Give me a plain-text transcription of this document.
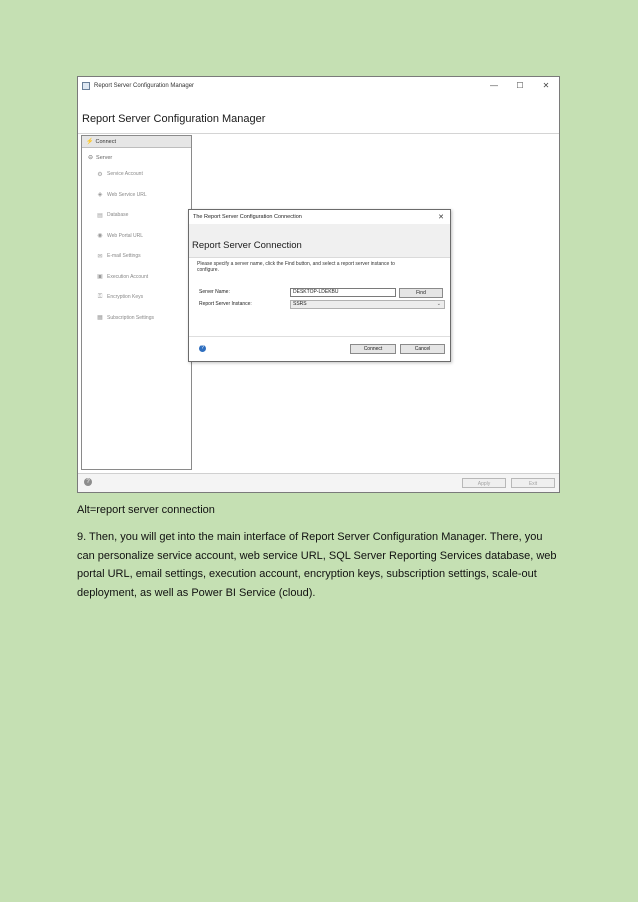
Report Server Configuration Manager	—	☐	✕
Report Server Configuration Manager
⚡ Connect
⊖ Server
⚙ Service Account
◈ Web Service URL
▤ Database
◉ Web Portal URL
✉ E-mail Settings
▣ Execution Account
⚿ Encryption Keys
▦ Subscription Settings
?	Apply	Exit
The Report Server Configuration Connection	✕
Report Server Connection
Please specify a server name, click the Find button, and select a report server instance to configure.
Server Name:	DESKTOP-LDEKBU	Find
Report Server Instance:	SSRS	⌄
?	Connect	Cancel
Alt=report server connection
9. Then, you will get into the main interface of Report Server Configuration Manager. There, you can personalize service account, web service URL, SQL Server Reporting Services database, web portal URL, email settings, execution account, encryption keys, subscription settings, scale-out deployment, as well as Power BI Service (cloud).
